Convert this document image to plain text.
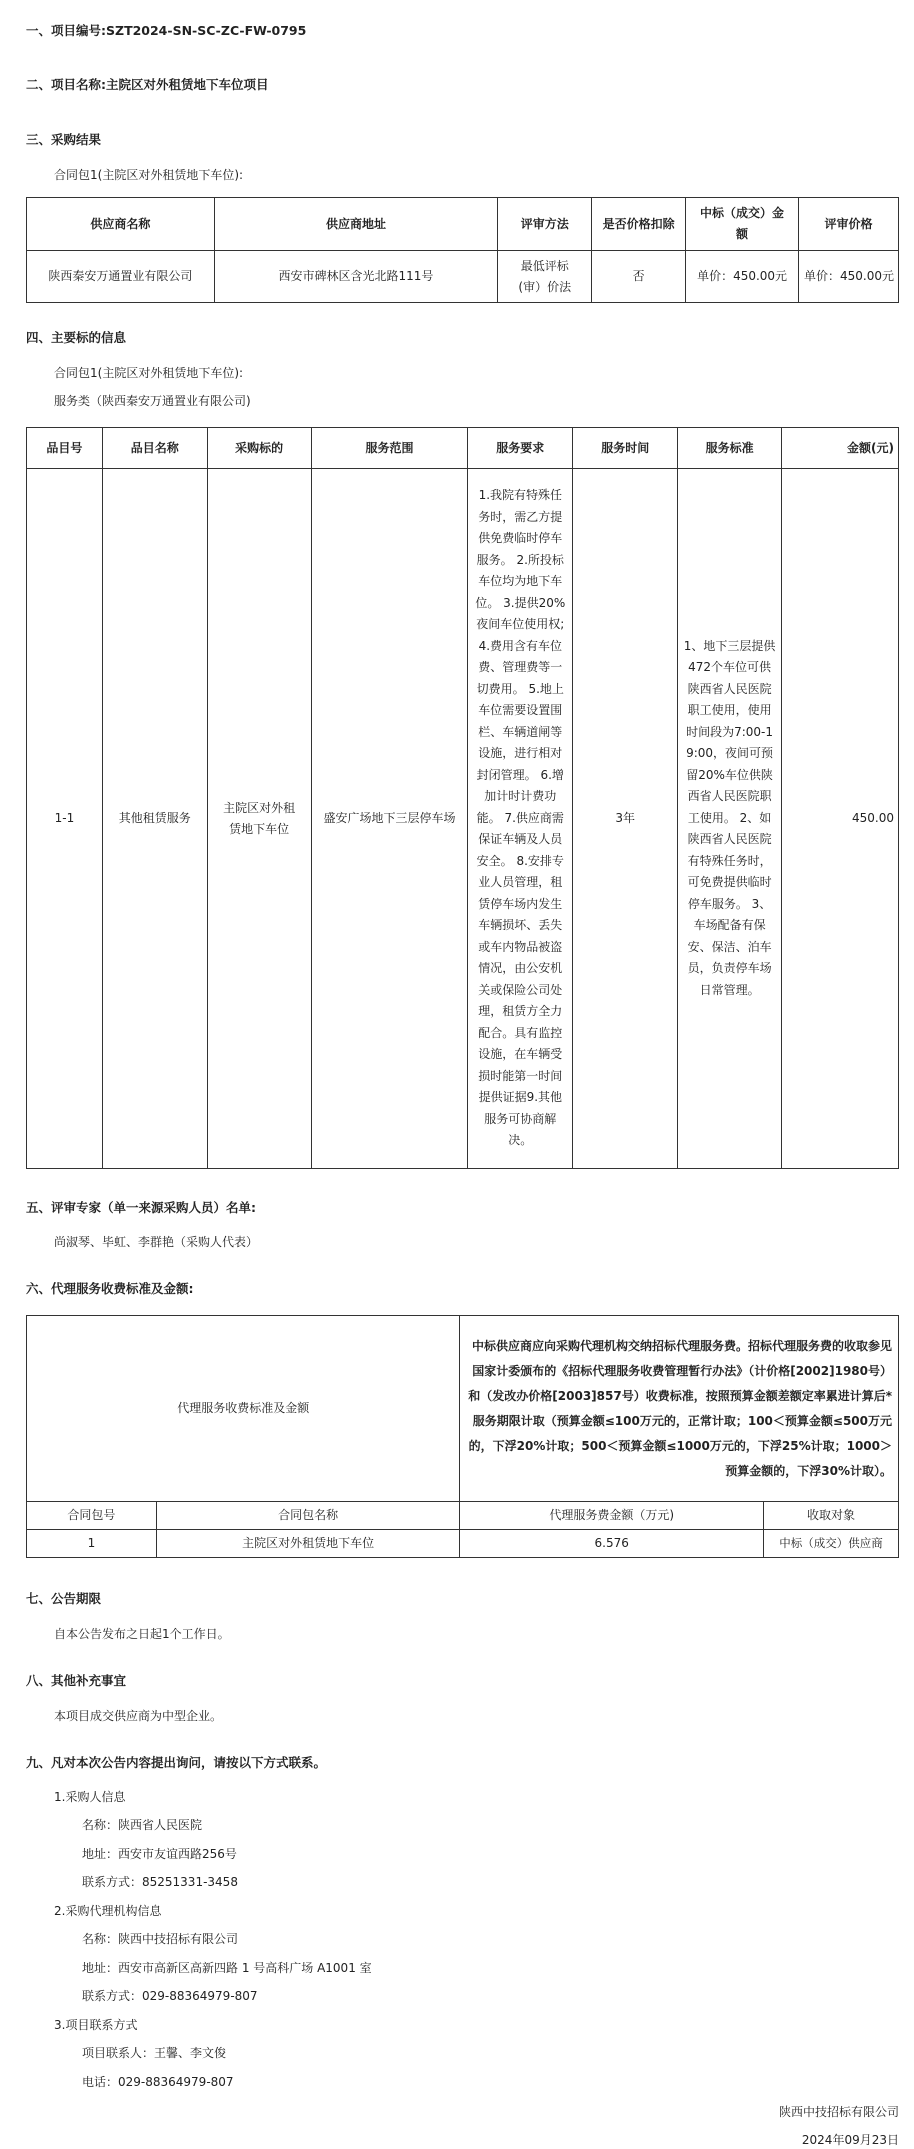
一、项目编号:SZT2024-SN-SC-ZC-FW-0795
二、项目名称:主院区对外租赁地下车位项目
三、采购结果
合同包1(主院区对外租赁地下车位):
供应商名称	供应商地址	评审方法	是否价格扣除	中标（成交）金额	评审价格
陕西秦安万通置业有限公司	西安市碑林区含光北路111号	最低评标(审）价法	否	单价：450.00元	单价：450.00元
四、主要标的信息
合同包1(主院区对外租赁地下车位):
服务类（陕西秦安万通置业有限公司)
品目号	品目名称	采购标的	服务范围	服务要求	服务时间	服务标准	金额(元)
1-1	其他租赁服务	主院区对外租赁地下车位	盛安广场地下三层停车场	1.我院有特殊任务时，需乙方提供免费临时停车服务。 2.所投标车位均为地下车位。 3.提供20%夜间车位使用权; 4.费用含有车位费、管理费等一切费用。 5.地上车位需要设置围栏、车辆道闸等设施，进行相对封闭管理。 6.增加计时计费功能。 7.供应商需保证车辆及人员安全。 8.安排专业人员管理，租赁停车场内发生车辆损坏、丢失或车内物品被盗情况，由公安机关或保险公司处理，租赁方全力配合。具有监控设施，在车辆受损时能第一时间提供证据9.其他服务可协商解决。	3年	1、地下三层提供472个车位可供陕西省人民医院职工使用，使用时间段为7:00-19:00，夜间可预留20%车位供陕西省人民医院职工使用。 2、如陕西省人民医院有特殊任务时，可免费提供临时停车服务。 3、车场配备有保安、保洁、泊车员，负责停车场日常管理。	450.00
五、评审专家（单一来源采购人员）名单:
尚淑琴、毕虹、李群艳（采购人代表）
六、代理服务收费标准及金额:
代理服务收费标准及金额		中标供应商应向采购代理机构交纳招标代理服务费。招标代理服务费的收取参见国家计委颁布的《招标代理服务收费管理暂行办法》（计价格[2002]1980号）和（发改办价格[2003]857号）收费标准，按照预算金额差额定率累进计算后*服务期限计取（预算金额≤100万元的，正常计取；100＜预算金额≤500万元的，下浮20%计取；500＜预算金额≤1000万元的，下浮25%计取；1000＞预算金额的，下浮30%计取）。	
合同包号	合同包名称	代理服务费金额（万元)	收取对象
1	主院区对外租赁地下车位	6.576	中标（成交）供应商
七、公告期限
自本公告发布之日起1个工作日。
八、其他补充事宜
本项目成交供应商为中型企业。
九、凡对本次公告内容提出询问，请按以下方式联系。
1.采购人信息
名称：陕西省人民医院
地址：西安市友谊西路256号
联系方式：85251331-3458
2.采购代理机构信息
名称：陕西中技招标有限公司
地址：西安市高新区高新四路 1 号高科广场 A1001 室
联系方式：029-88364979-807
3.项目联系方式
项目联系人：王馨、李文俊
电话：029-88364979-807
陕西中技招标有限公司
2024年09月23日
